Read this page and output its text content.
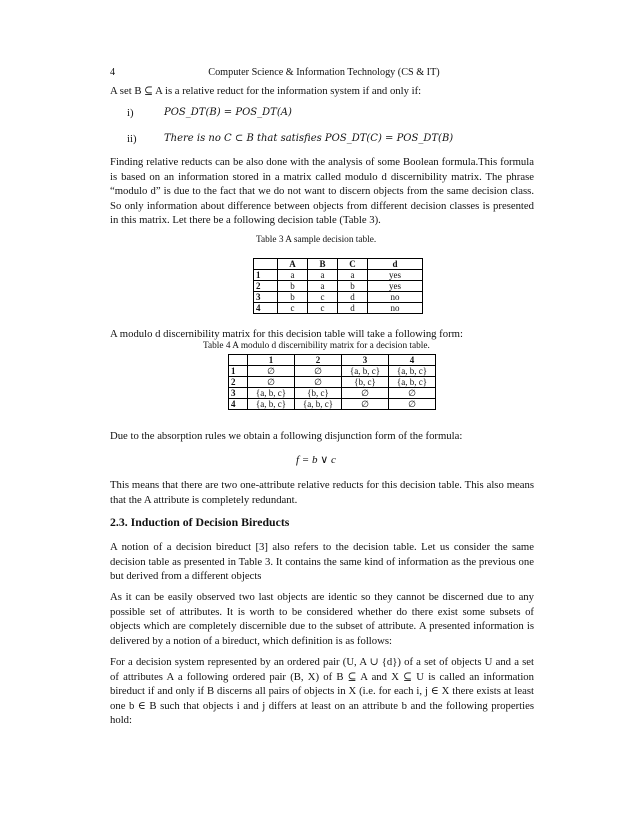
4	Computer Science & Information Technology (CS & IT)
A set B ⊆ A is a relative reduct for the information system if and only if:
i)	POS_DT(B) = POS_DT(A)
ii)	There is no C ⊂ B that satisfies POS_DT(C) = POS_DT(B)
Finding relative reducts can be also done with the analysis of some Boolean formula.This formula is based on an information stored in a matrix called modulo d discernibility matrix. The phrase “modulo d” is due to the fact that we do not want to discern objects from the same decision class. So only information about difference between objects from different decision classes is presented in this matrix. Let there be a following decision table (Table 3).
Table 3 A sample decision table.
	A	B	C	d
1	a	a	a	yes
2	b	a	b	yes
3	b	c	d	no
4	c	c	d	no
A modulo d discernibility matrix for this decision table will take a following form:
Table 4 A modulo d discernibility matrix for a decision table.
	1	2	3	4
1	∅	∅	{a, b, c}	{a, b, c}
2	∅	∅	{b, c}	{a, b, c}
3	{a, b, c}	{b, c}	∅	∅
4	{a, b, c}	{a, b, c}	∅	∅
Due to the absorption rules we obtain a following disjunction form of the formula:
f = b ∨ c
This means that there are two one-attribute relative reducts for this decision table. This also means that the A attribute is completely redundant.
2.3. Induction of Decision Bireducts
A notion of a decision bireduct [3] also refers to the decision table. Let us consider the same decision table as presented in Table 3. It contains the same kind of information as the previous one but derived from a different objects
As it can be easily observed two last objects are identic so they cannot be discerned due to any possible set of attributes. It is worth to be considered whether do there exist some subsets of objects which are completely discernible due to the subset of attribute. A presented information is delivered by a notion of a bireduct, which definition is as follows:
For a decision system represented by an ordered pair (U, A ∪ {d}) of a set of objects U and a set of attributes A a following ordered pair (B, X) of B ⊆ A and X ⊆ U is called an information bireduct if and only if B discerns all pairs of objects in X (i.e. for each i, j ∈ X there exists at least one b ∈ B such that objects i and j differs at least on an attribute b and the following properties hold:
